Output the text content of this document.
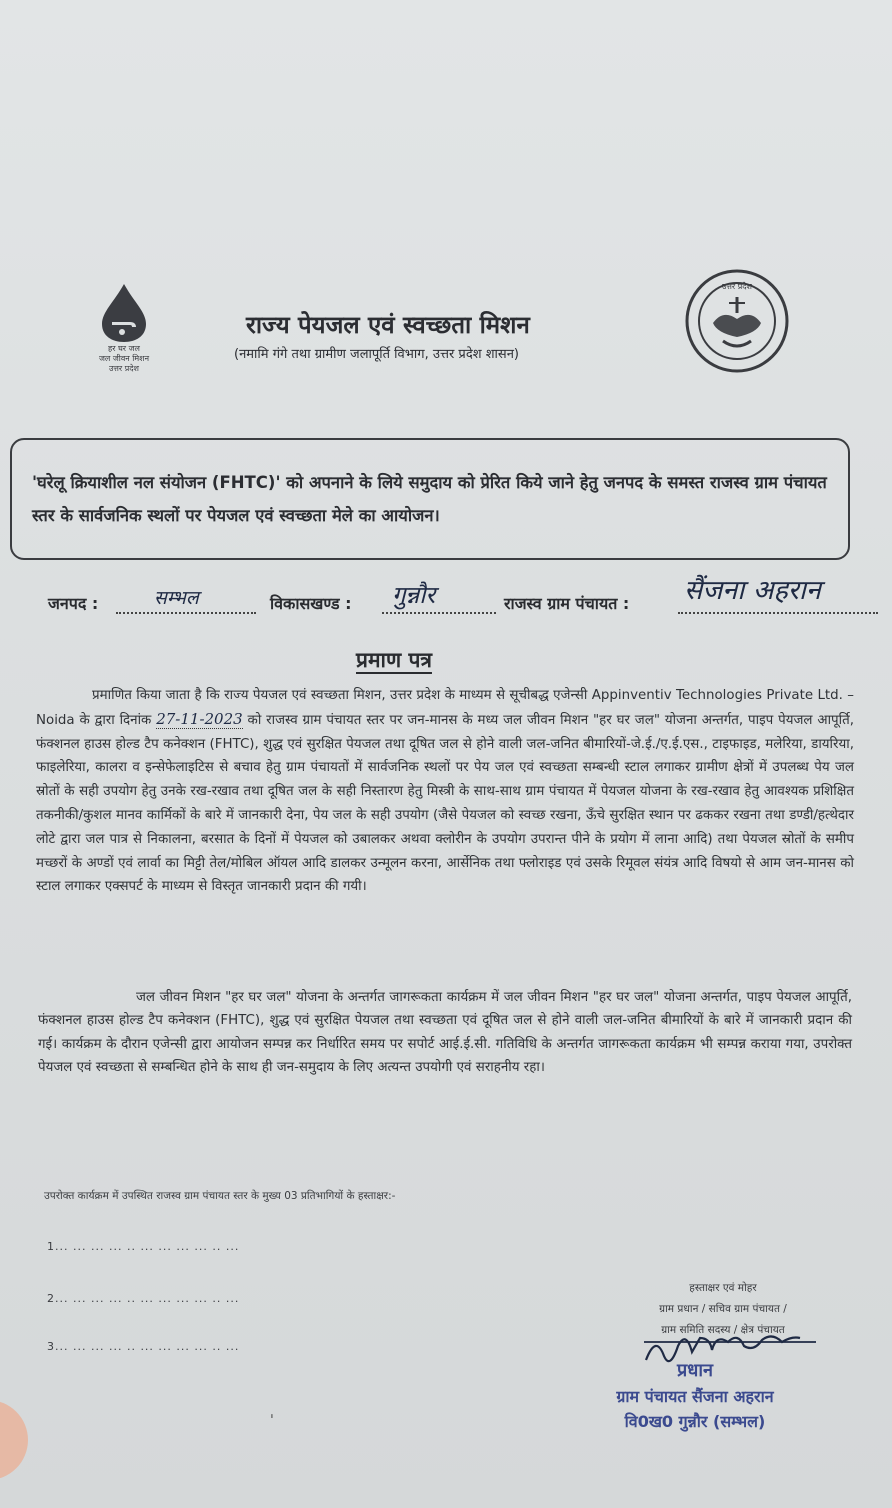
हर घर जल
जल जीवन मिशन
उत्तर प्रदेश
उत्तर प्रदेश
राज्य पेयजल एवं स्वच्छता मिशन
(नमामि गंगे तथा ग्रामीण जलापूर्ति विभाग, उत्तर प्रदेश शासन)

'घरेलू क्रियाशील नल संयोजन (FHTC)' को अपनाने के लिये समुदाय को प्रेरित किये जाने हेतु जनपद के समस्त राजस्व ग्राम पंचायत स्तर के सार्वजनिक स्थलों पर पेयजल एवं स्वच्छता मेले का आयोजन।

जनपद :	सम्भल	विकासखण्ड : गुन्नौर	राजस्व ग्राम पंचायत : सैंजना अहरान
प्रमाण पत्र
प्रमाणित किया जाता है कि राज्य पेयजल एवं स्वच्छता मिशन, उत्तर प्रदेश के माध्यम से सूचीबद्ध एजेन्सी Appinventiv Technologies Private Ltd. – Noida के द्वारा दिनांक 27-11-2023 को राजस्व ग्राम पंचायत स्तर पर जन-मानस के मध्य जल जीवन मिशन "हर घर जल" योजना अन्तर्गत, पाइप पेयजल आपूर्ति, फंक्शनल हाउस होल्ड टैप कनेक्शन (FHTC), शुद्ध एवं सुरक्षित पेयजल तथा दूषित जल से होने वाली जल-जनित बीमारियों-जे.ई./ए.ई.एस., टाइफाइड, मलेरिया, डायरिया, फाइलेरिया, कालरा व इन्सेफेलाइटिस से बचाव हेतु ग्राम पंचायतों में सार्वजनिक स्थलों पर पेय जल एवं स्वच्छता सम्बन्धी स्टाल लगाकर ग्रामीण क्षेत्रों में उपलब्ध पेय जल स्रोतों के सही उपयोग हेतु उनके रख-रखाव तथा दूषित जल के सही निस्तारण हेतु मिस्त्री के साथ-साथ ग्राम पंचायत में पेयजल योजना के रख-रखाव हेतु आवश्यक प्रशिक्षित तकनीकी/कुशल मानव कार्मिकों के बारे में जानकारी देना, पेय जल के सही उपयोग (जैसे पेयजल को स्वच्छ रखना, ऊँचे सुरक्षित स्थान पर ढककर रखना तथा डण्डी/हत्थेदार लोटे द्वारा जल पात्र से निकालना, बरसात के दिनों में पेयजल को उबालकर अथवा क्लोरीन के उपयोग उपरान्त पीने के प्रयोग में लाना आदि) तथा पेयजल स्रोतों के समीप मच्छरों के अण्डों एवं लार्वा का मिट्टी तेल/मोबिल ऑयल आदि डालकर उन्मूलन करना, आर्सेनिक तथा फ्लोराइड एवं उसके रिमूवल संयंत्र आदि विषयो से आम जन-मानस को स्टाल लगाकर एक्सपर्ट के माध्यम से विस्तृत जानकारी प्रदान की गयी।
जल जीवन मिशन "हर घर जल" योजना के अन्तर्गत जागरूकता कार्यक्रम में जल जीवन मिशन "हर घर जल" योजना अन्तर्गत, पाइप पेयजल आपूर्ति, फंक्शनल हाउस होल्ड टैप कनेक्शन (FHTC), शुद्ध एवं सुरक्षित पेयजल तथा स्वच्छता एवं दूषित जल से होने वाली जल-जनित बीमारियों के बारे में जानकारी प्रदान की गई। कार्यक्रम के दौरान एजेन्सी द्वारा आयोजन सम्पन्न कर निर्धारित समय पर सपोर्ट आई.ई.सी. गतिविधि के अन्तर्गत जागरूकता कार्यक्रम भी सम्पन्न कराया गया, उपरोक्त पेयजल एवं स्वच्छता से सम्बन्धित होने के साथ ही जन-समुदाय के लिए अत्यन्त उपयोगी एवं सराहनीय रहा।
उपरोक्त कार्यक्रम में उपस्थित राजस्व ग्राम पंचायत स्तर के मुख्य 03 प्रतिभागियों के हस्ताक्षर:-
1... ... ... ... .. ... ... ... ... .. ...
2... ... ... ... .. ... ... ... ... .. ...
3... ... ... ... .. ... ... ... ... .. ...
हस्ताक्षर एवं मोहर
ग्राम प्रधान / सचिव ग्राम पंचायत /
ग्राम समिति सदस्य / क्षेत्र पंचायत
प्रधान
ग्राम पंचायत सैंजना अहरान
वि0ख0 गुन्नौर (सम्भल)
ˌ
